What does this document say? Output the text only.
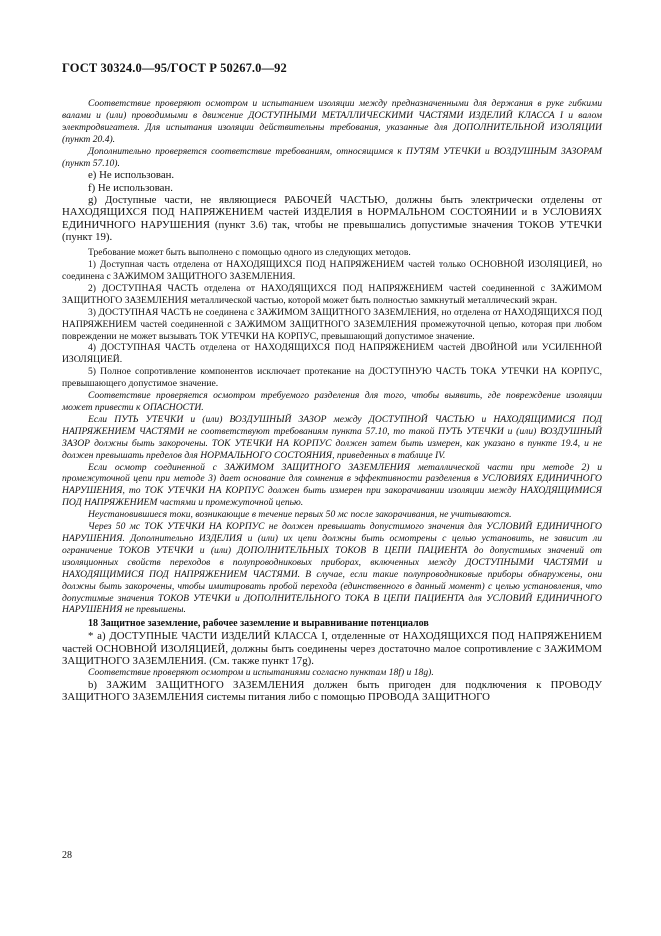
ГОСТ 30324.0—95/ГОСТ Р 50267.0—92

Соответствие проверяют осмотром и испытанием изоляции между предназначенными для держания в руке гибкими валами и (или) проводимыми в движение ДОСТУПНЫМИ МЕТАЛЛИЧЕСКИМИ ЧАСТЯМИ ИЗДЕЛИЙ КЛАССА I и валом электродвигателя. Для испытания изоляции действительны требования, указанные для ДОПОЛНИТЕЛЬНОЙ ИЗОЛЯЦИИ (пункт 20.4).

Дополнительно проверяется соответствие требованиям, относящимся к ПУТЯМ УТЕЧКИ и ВОЗДУШНЫМ ЗАЗОРАМ (пункт 57.10).

e) Не использован.

f) Не использован.

g) Доступные части, не являющиеся РАБОЧЕЙ ЧАСТЬЮ, должны быть электрически отделены от НАХОДЯЩИХСЯ ПОД НАПРЯЖЕНИЕМ частей ИЗДЕЛИЯ в НОРМАЛЬНОМ СОСТОЯНИИ и в УСЛОВИЯХ ЕДИНИЧНОГО НАРУШЕНИЯ (пункт 3.6) так, чтобы не превышались допустимые значения ТОКОВ УТЕЧКИ (пункт 19).

Требование может быть выполнено с помощью одного из следующих методов.

1) Доступная часть отделена от НАХОДЯЩИХСЯ ПОД НАПРЯЖЕНИЕМ частей только ОСНОВНОЙ ИЗОЛЯЦИЕЙ, но соединена с ЗАЖИМОМ ЗАЩИТНОГО ЗАЗЕМЛЕНИЯ.

2) ДОСТУПНАЯ ЧАСТЬ отделена от НАХОДЯЩИХСЯ ПОД НАПРЯЖЕНИЕМ частей соединенной с ЗАЖИМОМ ЗАЩИТНОГО ЗАЗЕМЛЕНИЯ металлической частью, которой может быть полностью замкнутый металлический экран.

3) ДОСТУПНАЯ ЧАСТЬ не соединена с ЗАЖИМОМ ЗАЩИТНОГО ЗАЗЕМЛЕНИЯ, но отделена от НАХОДЯЩИХСЯ ПОД НАПРЯЖЕНИЕМ частей соединенной с ЗАЖИМОМ ЗАЩИТНОГО ЗАЗЕМЛЕНИЯ промежуточной цепью, которая при любом повреждении не может вызывать ТОК УТЕЧКИ НА КОРПУС, превышающий допустимое значение.

4) ДОСТУПНАЯ ЧАСТЬ отделена от НАХОДЯЩИХСЯ ПОД НАПРЯЖЕНИЕМ частей ДВОЙНОЙ или УСИЛЕННОЙ ИЗОЛЯЦИЕЙ.

5) Полное сопротивление компонентов исключает протекание на ДОСТУПНУЮ ЧАСТЬ ТОКА УТЕЧКИ НА КОРПУС, превышающего допустимое значение.

Соответствие проверяется осмотром требуемого разделения для того, чтобы выявить, где повреждение изоляции может привести к ОПАСНОСТИ.

Если ПУТЬ УТЕЧКИ и (или) ВОЗДУШНЫЙ ЗАЗОР между ДОСТУПНОЙ ЧАСТЬЮ и НАХОДЯЩИМИСЯ ПОД НАПРЯЖЕНИЕМ ЧАСТЯМИ не соответствуют требованиям пункта 57.10, то такой ПУТЬ УТЕЧКИ и (или) ВОЗДУШНЫЙ ЗАЗОР должны быть закорочены. ТОК УТЕЧКИ НА КОРПУС должен затем быть измерен, как указано в пункте 19.4, и не должен превышать пределов для НОРМАЛЬНОГО СОСТОЯНИЯ, приведенных в таблице IV.

Если осмотр соединенной с ЗАЖИМОМ ЗАЩИТНОГО ЗАЗЕМЛЕНИЯ металлической части при методе 2) и промежуточной цепи при методе 3) дает основание для сомнения в эффективности разделения в УСЛОВИЯХ ЕДИНИЧНОГО НАРУШЕНИЯ, то ТОК УТЕЧКИ НА КОРПУС должен быть измерен при закорачивании изоляции между НАХОДЯЩИМИСЯ ПОД НАПРЯЖЕНИЕМ частями и промежуточной цепью.

Неустановившиеся токи, возникающие в течение первых 50 мс после закорачивания, не учитываются.

Через 50 мс ТОК УТЕЧКИ НА КОРПУС не должен превышать допустимого значения для УСЛОВИЙ ЕДИНИЧНОГО НАРУШЕНИЯ. Дополнительно ИЗДЕЛИЯ и (или) их цепи должны быть осмотрены с целью установить, не зависит ли ограничение ТОКОВ УТЕЧКИ и (или) ДОПОЛНИТЕЛЬНЫХ ТОКОВ В ЦЕПИ ПАЦИЕНТА до допустимых значений от изоляционных свойств переходов в полупроводниковых приборах, включенных между ДОСТУПНЫМИ ЧАСТЯМИ и НАХОДЯЩИМИСЯ ПОД НАПРЯЖЕНИЕМ ЧАСТЯМИ. В случае, если такие полупроводниковые приборы обнаружены, они должны быть закорочены, чтобы имитировать пробой перехода (единственного в данный момент) с целью установления, что допустимые значения ТОКОВ УТЕЧКИ и ДОПОЛНИТЕЛЬНОГО ТОКА В ЦЕПИ ПАЦИЕНТА для УСЛОВИЙ ЕДИНИЧНОГО НАРУШЕНИЯ не превышены.

18 Защитное заземление, рабочее заземление и выравнивание потенциалов

* a) ДОСТУПНЫЕ ЧАСТИ ИЗДЕЛИЙ КЛАССА I, отделенные от НАХОДЯЩИХСЯ ПОД НАПРЯЖЕНИЕМ частей ОСНОВНОЙ ИЗОЛЯЦИЕЙ, должны быть соединены через достаточно малое сопротивление с ЗАЖИМОМ ЗАЩИТНОГО ЗАЗЕМЛЕНИЯ. (См. также пункт 17g).

Соответствие проверяют осмотром и испытаниями согласно пунктам 18f) и 18g).

b) ЗАЖИМ ЗАЩИТНОГО ЗАЗЕМЛЕНИЯ должен быть пригоден для подключения к ПРОВОДУ ЗАЩИТНОГО ЗАЗЕМЛЕНИЯ системы питания либо с помощью ПРОВОДА ЗАЩИТНОГО

28
